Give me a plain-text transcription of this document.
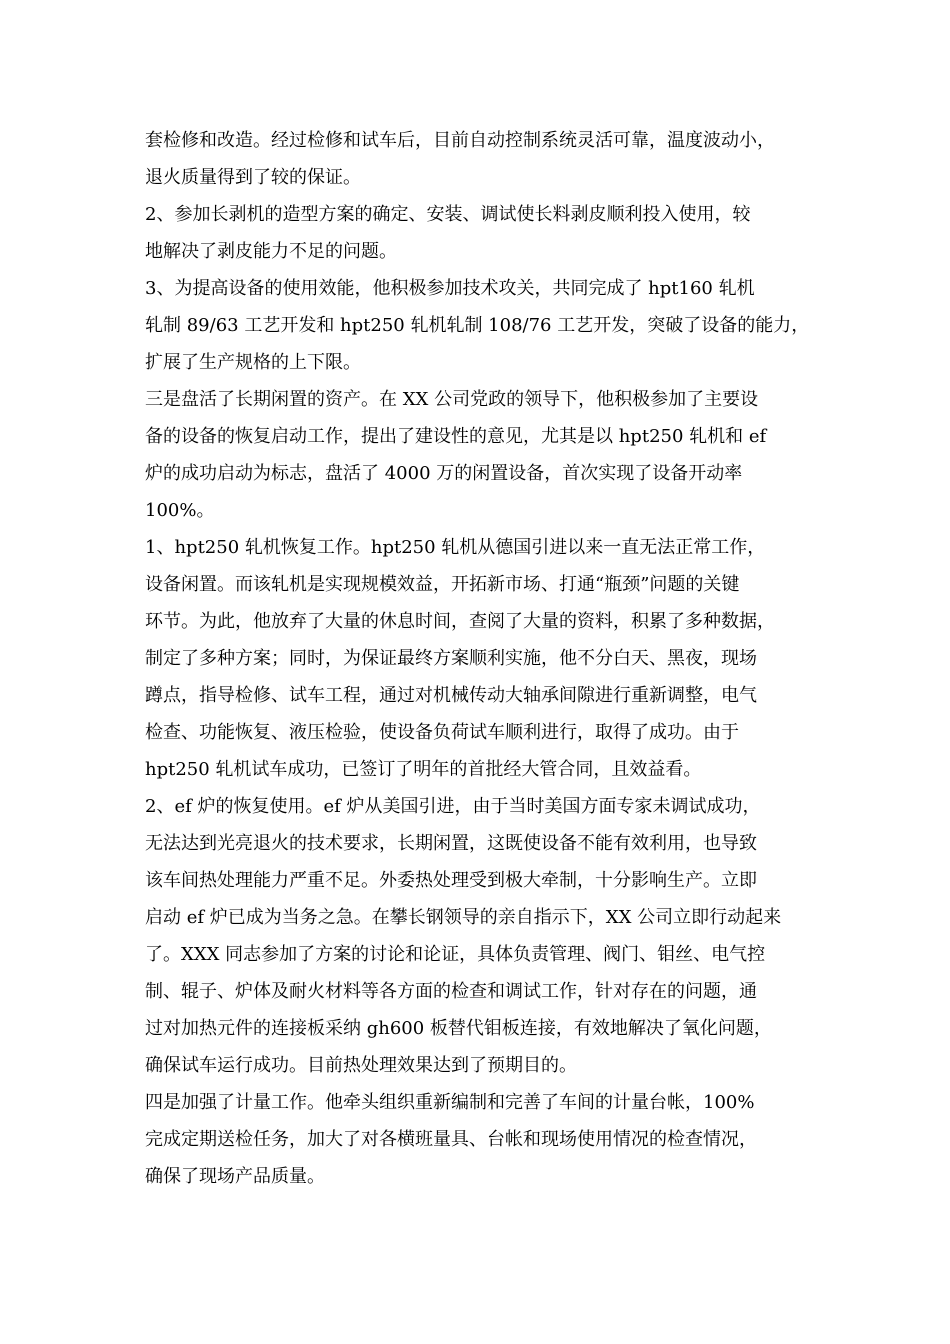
套检修和改造。经过检修和试车后，目前自动控制系统灵活可靠，温度波动小，
退火质量得到了较的保证。
2、参加长剥机的造型方案的确定、安装、调试使长料剥皮顺利投入使用，较
地解决了剥皮能力不足的问题。
3、为提高设备的使用效能，他积极参加技术攻关，共同完成了 hpt160 轧机
轧制 89/63 工艺开发和 hpt250 轧机轧制 108/76 工艺开发，突破了设备的能力，
扩展了生产规格的上下限。
三是盘活了长期闲置的资产。在 XX 公司党政的领导下，他积极参加了主要设
备的设备的恢复启动工作，提出了建设性的意见，尤其是以 hpt250 轧机和 ef
炉的成功启动为标志，盘活了 4000 万的闲置设备，首次实现了设备开动率
100%。
1、hpt250 轧机恢复工作。hpt250 轧机从德国引进以来一直无法正常工作，
设备闲置。而该轧机是实现规模效益，开拓新市场、打通“瓶颈”问题的关键
环节。为此，他放弃了大量的休息时间，查阅了大量的资料，积累了多种数据，
制定了多种方案；同时，为保证最终方案顺利实施，他不分白天、黑夜，现场
蹲点，指导检修、试车工程，通过对机械传动大轴承间隙进行重新调整，电气
检查、功能恢复、液压检验，使设备负荷试车顺利进行，取得了成功。由于
hpt250 轧机试车成功，已签订了明年的首批经大管合同，且效益看。
2、ef 炉的恢复使用。ef 炉从美国引进，由于当时美国方面专家未调试成功，
无法达到光亮退火的技术要求，长期闲置，这既使设备不能有效利用，也导致
该车间热处理能力严重不足。外委热处理受到极大牵制，十分影响生产。立即
启动 ef 炉已成为当务之急。在攀长钢领导的亲自指示下，XX 公司立即行动起来
了。XXX 同志参加了方案的讨论和论证，具体负责管理、阀门、钼丝、电气控
制、辊子、炉体及耐火材料等各方面的检查和调试工作，针对存在的问题，通
过对加热元件的连接板采纳 gh600 板替代钼板连接，有效地解决了氧化问题，
确保试车运行成功。目前热处理效果达到了预期目的。
四是加强了计量工作。他牵头组织重新编制和完善了车间的计量台帐，100%
完成定期送检任务，加大了对各横班量具、台帐和现场使用情况的检查情况，
确保了现场产品质量。
